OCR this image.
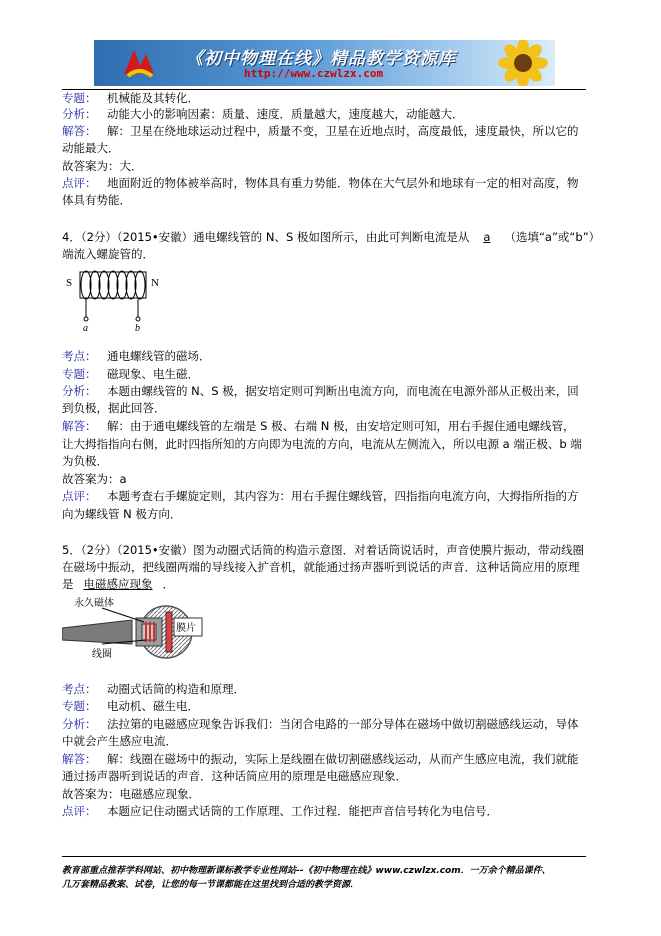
《初中物理在线》精品教学资源库
http://www.czwlzx.com
专题： 机械能及其转化．
分析： 动能大小的影响因素：质量、速度．质量越大，速度越大，动能越大．
解答： 解：卫星在绕地球运动过程中，质量不变，卫星在近地点时，高度最低，速度最快，所以它的
动能最大．
故答案为：大．
点评： 地面附近的物体被举高时，物体具有重力势能．物体在大气层外和地球有一定的相对高度，物
体具有势能．
4．（2分）（2015•安徽）通电螺线管的 N、S 极如图所示，由此可判断电流是从 a （选填“a”或“b”）
端流入螺旋管的．
S	N
a	b
考点： 通电螺线管的磁场．
专题： 磁现象、电生磁．
分析： 本题由螺线管的 N、S 极，据安培定则可判断出电流方向，而电流在电源外部从正极出来，回
到负极，据此回答．
解答： 解：由于通电螺线管的左端是 S 极、右端 N 极，由安培定则可知，用右手握住通电螺线管，
让大拇指指向右侧，此时四指所知的方向即为电流的方向，电流从左侧流入，所以电源 a 端正极、b 端
为负极．
故答案为：a
点评： 本题考查右手螺旋定则，其内容为：用右手握住螺线管，四指指向电流方向，大拇指所指的方
向为螺线管 N 极方向．
5．（2分）（2015•安徽）图为动圈式话筒的构造示意图．对着话筒说话时，声音使膜片振动，带动线圈
在磁场中振动，把线圈两端的导线接入扩音机，就能通过扬声器听到说话的声音．这种话筒应用的原理
是 电磁感应现象 ．
永久磁体
膜片
线圈
考点： 动圈式话筒的构造和原理．
专题： 电动机、磁生电．
分析： 法拉第的电磁感应现象告诉我们：当闭合电路的一部分导体在磁场中做切割磁感线运动，导体
中就会产生感应电流．
解答： 解：线圈在磁场中的振动，实际上是线圈在做切割磁感线运动，从而产生感应电流，我们就能
通过扬声器听到说话的声音．这种话筒应用的原理是电磁感应现象．
故答案为：电磁感应现象．
点评： 本题应记住动圈式话筒的工作原理、工作过程．能把声音信号转化为电信号．
教育部重点推荐学科网站、初中物理新课标教学专业性网站--《初中物理在线》www.czwlzx.com．一万余个精品课件、
几万套精品教案、试卷，让您的每一节课都能在这里找到合适的教学资源．
